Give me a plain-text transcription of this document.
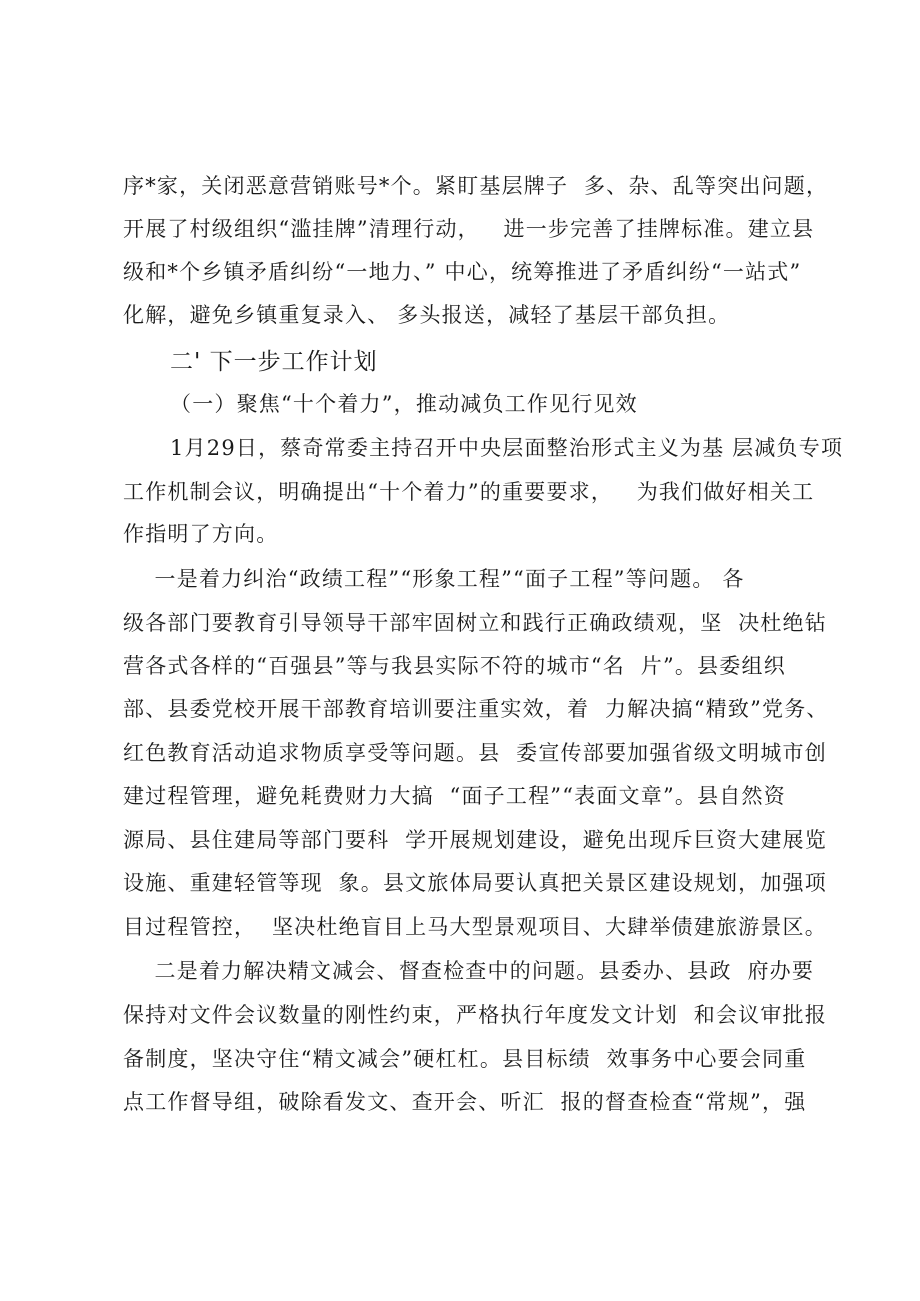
序*家，关闭恶意营销账号*个。紧盯基层牌子  多、杂、乱等突出问题，
开展了村级组织“滥挂牌”清理行动，   进一步完善了挂牌标准。建立县
级和*个乡镇矛盾纠纷“一地力、” 中心，统筹推进了矛盾纠纷“一站式”
化解，避免乡镇重复录入、 多头报送，减轻了基层干部负担。
二' 下一步工作计划
（一）聚焦“十个着力”，推动减负工作见行见效
1月29日，蔡奇常委主持召开中央层面整治形式主义为基 层减负专项
工作机制会议，明确提出“十个着力”的重要要求，   为我们做好相关工
作指明了方向。
一是着力纠治“政绩工程”“形象工程”“面子工程”等问题。 各
级各部门要教育引导领导干部牢固树立和践行正确政绩观，坚  决杜绝钻
营各式各样的“百强县”等与我县实际不符的城市“名  片”。县委组织
部、县委党校开展干部教育培训要注重实效，着  力解决搞“精致”党务、
红色教育活动追求物质享受等问题。县  委宣传部要加强省级文明城市创
建过程管理，避免耗费财力大搞  “面子工程”“表面文章”。县自然资
源局、县住建局等部门要科  学开展规划建设，避免出现斥巨资大建展览
设施、重建轻管等现  象。县文旅体局要认真把关景区建设规划，加强项
目过程管控，  坚决杜绝盲目上马大型景观项目、大肆举债建旅游景区。
二是着力解决精文减会、督查检查中的问题。县委办、县政  府办要
保持对文件会议数量的刚性约束，严格执行年度发文计划  和会议审批报
备制度，坚决守住“精文减会”硬杠杠。县目标绩  效事务中心要会同重
点工作督导组，破除看发文、查开会、听汇  报的督查检查“常规”，强
